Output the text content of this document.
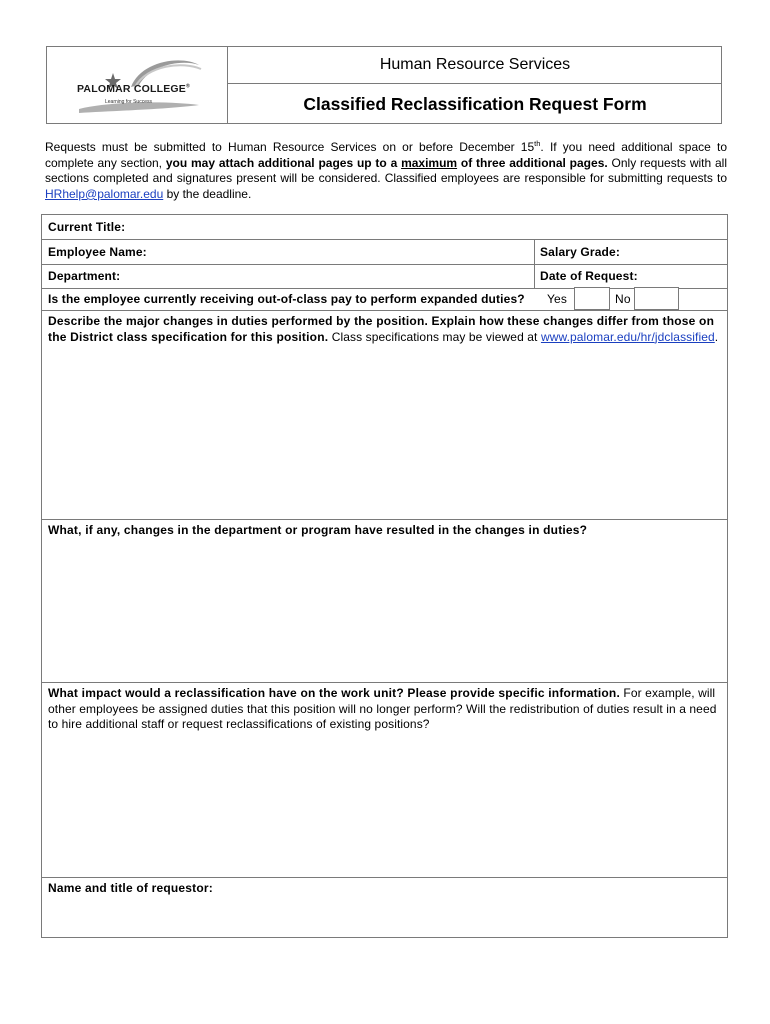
PALOMAR COLLEGE®
Learning for Success
Human Resource Services
Classified Reclassification Request Form
Requests must be submitted to Human Resource Services on or before December 15th. If you need additional space to complete any section, you may attach additional pages up to a maximum of three additional pages. Only requests with all sections completed and signatures present will be considered. Classified employees are responsible for submitting requests to HRhelp@palomar.edu by the deadline.
Current Title:
Employee Name:	Salary Grade:
Department:	Date of Request:
Is the employee currently receiving out-of-class pay to perform expanded duties? Yes	No
Describe the major changes in duties performed by the position. Explain how these changes differ from those on the District class specification for this position. Class specifications may be viewed at www.palomar.edu/hr/jdclassified.
What, if any, changes in the department or program have resulted in the changes in duties?
What impact would a reclassification have on the work unit? Please provide specific information. For example, will other employees be assigned duties that this position will no longer perform? Will the redistribution of duties result in a need to hire additional staff or request reclassifications of existing positions?
Name and title of requestor:
